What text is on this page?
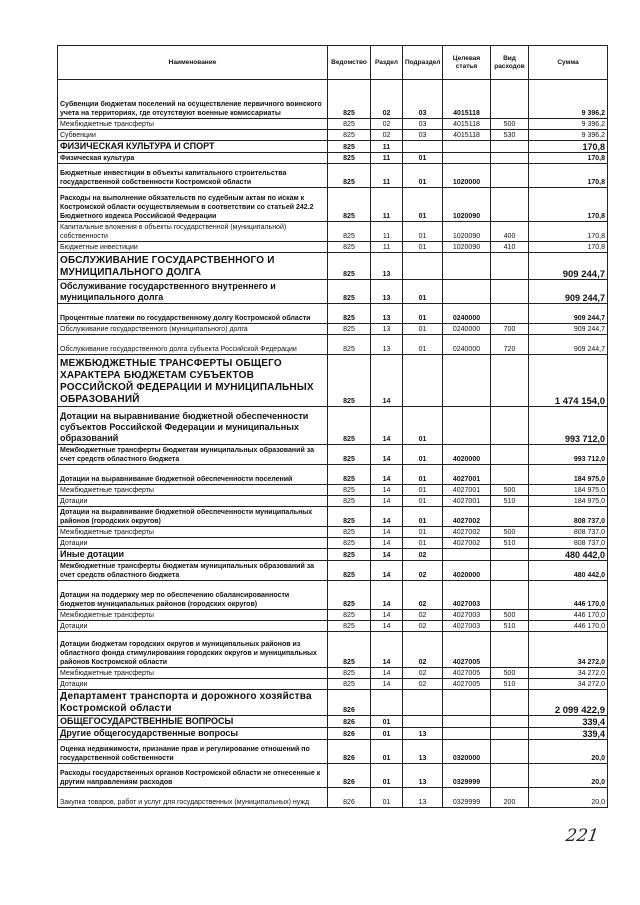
Наименование	Ведомство	Раздел	Подраздел	Целевая статья	Вид расходов	Сумма
Субвенции бюджетам поселений на осуществление первичного воинского учета на территориях, где отсутствуют военные комиссариаты	825	02	03	4015118		9 396,2
Межбюджетные трансферты	825	02	03	4015118	500	9 396,2
Субвенции	825	02	03	4015118	530	9 396,2
ФИЗИЧЕСКАЯ КУЛЬТУРА И СПОРТ	825	11				170,8
Физическая культура	825	11	01			170,8
Бюджетные инвестиции в объекты капитального строительства государственной собственности Костромской области	825	11	01	1020000		170,8
Расходы на выполнение обязательств по судебным актам по искам к Костромской области осуществляемым в соответствии со статьей 242.2 Бюджетного кодекса Российской Федерации	825	11	01	1020090		170,8
Капитальные вложения в объекты государственной (муниципальной) собственности	825	11	01	1020090	400	170,8
Бюджетные инвестиции	825	11	01	1020090	410	170,8
ОБСЛУЖИВАНИЕ ГОСУДАРСТВЕННОГО И МУНИЦИПАЛЬНОГО ДОЛГА	825	13				909 244,7
Обслуживание государственного внутреннего и муниципального долга	825	13	01			909 244,7
Процентные платежи по государственному долгу Костромской области	825	13	01	0240000		909 244,7
Обслуживание государственного (муниципального) долга	825	13	01	0240000	700	909 244,7
Обслуживание государственного долга субъекта Российской Федерации	825	13	01	0240000	720	909 244,7
МЕЖБЮДЖЕТНЫЕ ТРАНСФЕРТЫ ОБЩЕГО ХАРАКТЕРА БЮДЖЕТАМ СУБЪЕКТОВ РОССИЙСКОЙ ФЕДЕРАЦИИ И МУНИЦИПАЛЬНЫХ ОБРАЗОВАНИЙ	825	14				1 474 154,0
Дотации на выравнивание бюджетной обеспеченности субъектов Российской Федерации и муниципальных образований	825	14	01			993 712,0
Межбюджетные трансферты бюджетам муниципальных образований за счет средств областного бюджета	825	14	01	4020000		993 712,0
Дотации на выравнивание бюджетной обеспеченности поселений	825	14	01	4027001		184 975,0
Межбюджетные трансферты	825	14	01	4027001	500	184 975,0
Дотации	825	14	01	4027001	510	184 975,0
Дотации на выравнивание бюджетной обеспеченности муниципальных районов (городских округов)	825	14	01	4027002		808 737,0
Межбюджетные трансферты	825	14	01	4027002	500	808 737,0
Дотации	825	14	01	4027002	510	808 737,0
Иные дотации	825	14	02			480 442,0
Межбюджетные трансферты бюджетам муниципальных образований за счет средств областного бюджета	825	14	02	4020000		480 442,0
Дотации на поддержку мер по обеспечению сбалансированности бюджетов муниципальных районов (городских округов)	825	14	02	4027003		446 170,0
Межбюджетные трансферты	825	14	02	4027003	500	446 170,0
Дотации	825	14	02	4027003	510	446 170,0
Дотации бюджетам городских округов и муниципальных районов из областного фонда стимулирования городских округов и муниципальных районов Костромской области	825	14	02	4027005		34 272,0
Межбюджетные трансферты	825	14	02	4027005	500	34 272,0
Дотации	825	14	02	4027005	510	34 272,0
Департамент транспорта и дорожного хозяйства Костромской области	826					2 099 422,9
ОБЩЕГОСУДАРСТВЕННЫЕ ВОПРОСЫ	826	01				339,4
Другие общегосударственные вопросы	826	01	13			339,4
Оценка недвижимости, признание прав и регулирование отношений по государственной собственности	826	01	13	0320000		20,0
Расходы государственных органов Костромской области не отнесенные к другим направлениям расходов	826	01	13	0329999		20,0
Закупка товаров, работ и услуг для государственных (муниципальных) нужд	826	01	13	0329999	200	20,0
221
